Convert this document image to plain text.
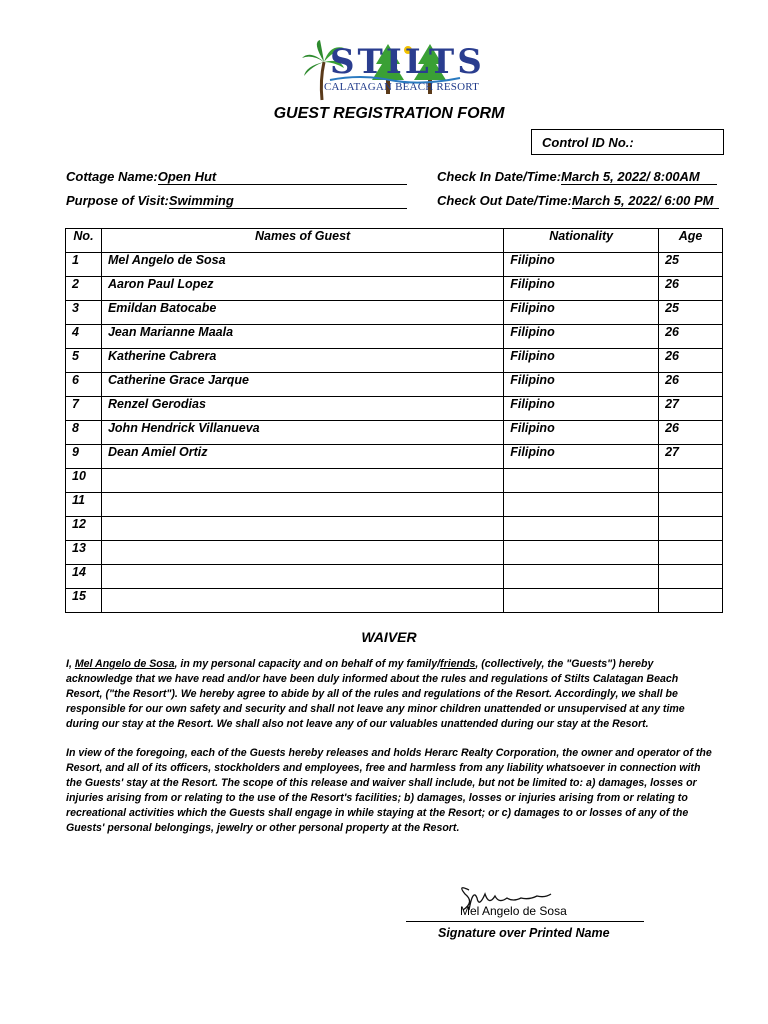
STILTS
CALATAGAN BEACH RESORT
GUEST REGISTRATION FORM
Control ID No.:
Cottage Name:Open Hut
Purpose of Visit:Swimming
Check In Date/Time:March 5, 2022/ 8:00AM
Check Out Date/Time:March 5, 2022/ 6:00 PM
No.	Names of Guest	Nationality	Age
1	Mel Angelo de Sosa	Filipino	25
2	Aaron Paul Lopez	Filipino	26
3	Emildan Batocabe	Filipino	25
4	Jean Marianne Maala	Filipino	26
5	Katherine Cabrera	Filipino	26
6	Catherine Grace Jarque	Filipino	26
7	Renzel Gerodias	Filipino	27
8	John Hendrick Villanueva	Filipino	26
9	Dean Amiel Ortiz	Filipino	27
10			
11			
12			
13			
14			
15			
WAIVER

I, Mel Angelo de Sosa, in my personal capacity and on behalf of my family/friends, (collectively, the "Guests") hereby acknowledge that we have read and/or have been duly informed about the rules and regulations of Stilts Calatagan Beach Resort, ("the Resort"). We hereby agree to abide by all of the rules and regulations of the Resort. Accordingly, we shall be responsible for our own safety and security and shall not leave any minor children unattended or unsupervised at any time during our stay at the Resort. We shall also not leave any of our valuables unattended during our stay at the Resort.

In view of the foregoing, each of the Guests hereby releases and holds Herarc Realty Corporation, the owner and operator of the Resort, and all of its officers, stockholders and employees, free and harmless from any liability whatsoever in connection with the Guests' stay at the Resort. The scope of this release and waiver shall include, but not be limited to: a) damages, losses or injuries arising from or relating to the use of the Resort's facilities; b) damages, losses or injuries arising from or relating to recreational activities which the Guests shall engage in while staying at the Resort; or c) damages to or losses of any of the Guests' personal belongings, jewelry or other personal property at the Resort.

Mel Angelo de Sosa
Signature over Printed Name
